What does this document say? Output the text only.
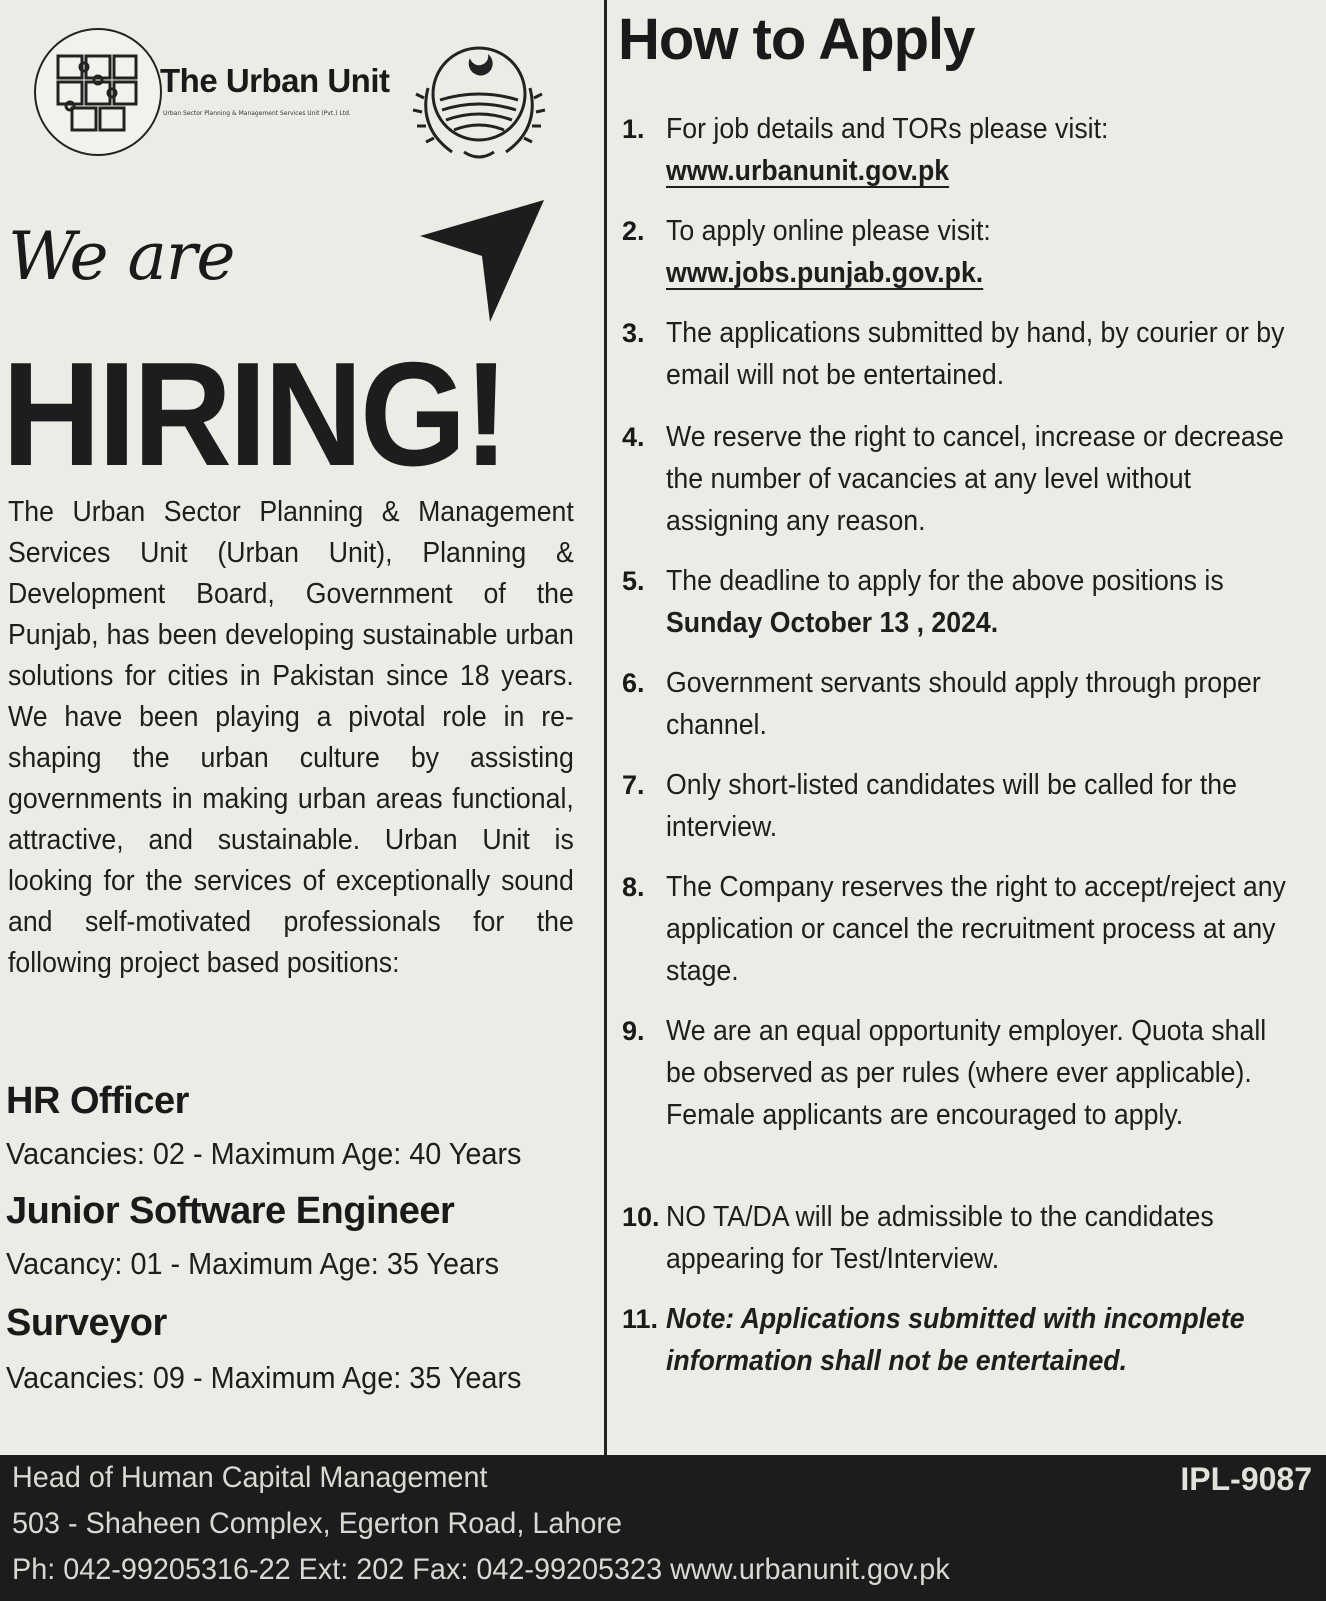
The Urban Unit
Urban Sector Planning & Management Services Unit (Pvt.) Ltd.
We are
HIRING!
The Urban Sector Planning & Management Services Unit (Urban Unit), Planning & Development Board, Government of the Punjab, has been developing sustainable urban solutions for cities in Pakistan since 18 years. We have been playing a pivotal role in re-shaping the urban culture by assisting governments in making urban areas functional, attractive, and sustainable. Urban Unit is looking for the services of exceptionally sound and self-motivated professionals for the following project based positions:
HR Officer
Vacancies: 02 - Maximum Age: 40 Years
Junior Software Engineer
Vacancy: 01 - Maximum Age: 35 Years
Surveyor
Vacancies: 09 - Maximum Age: 35 Years
How to Apply
1. For job details and TORs please visit:
www.urbanunit.gov.pk
2. To apply online please visit:
www.jobs.punjab.gov.pk.
3. The applications submitted by hand, by courier or by email will not be entertained.
4. We reserve the right to cancel, increase or decrease the number of vacancies at any level without assigning any reason.
5. The deadline to apply for the above positions is Sunday October 13 , 2024.
6. Government servants should apply through proper channel.
7. Only short-listed candidates will be called for the interview.
8. The Company reserves the right to accept/reject any application or cancel the recruitment process at any stage.
9. We are an equal opportunity employer. Quota shall be observed as per rules (where ever applicable). Female applicants are encouraged to apply.
10. NO TA/DA will be admissible to the candidates appearing for Test/Interview.
11. Note: Applications submitted with incomplete information shall not be entertained.
Head of Human Capital Management
503 - Shaheen Complex, Egerton Road, Lahore
Ph: 042-99205316-22 Ext: 202 Fax: 042-99205323 www.urbanunit.gov.pk
IPL-9087
